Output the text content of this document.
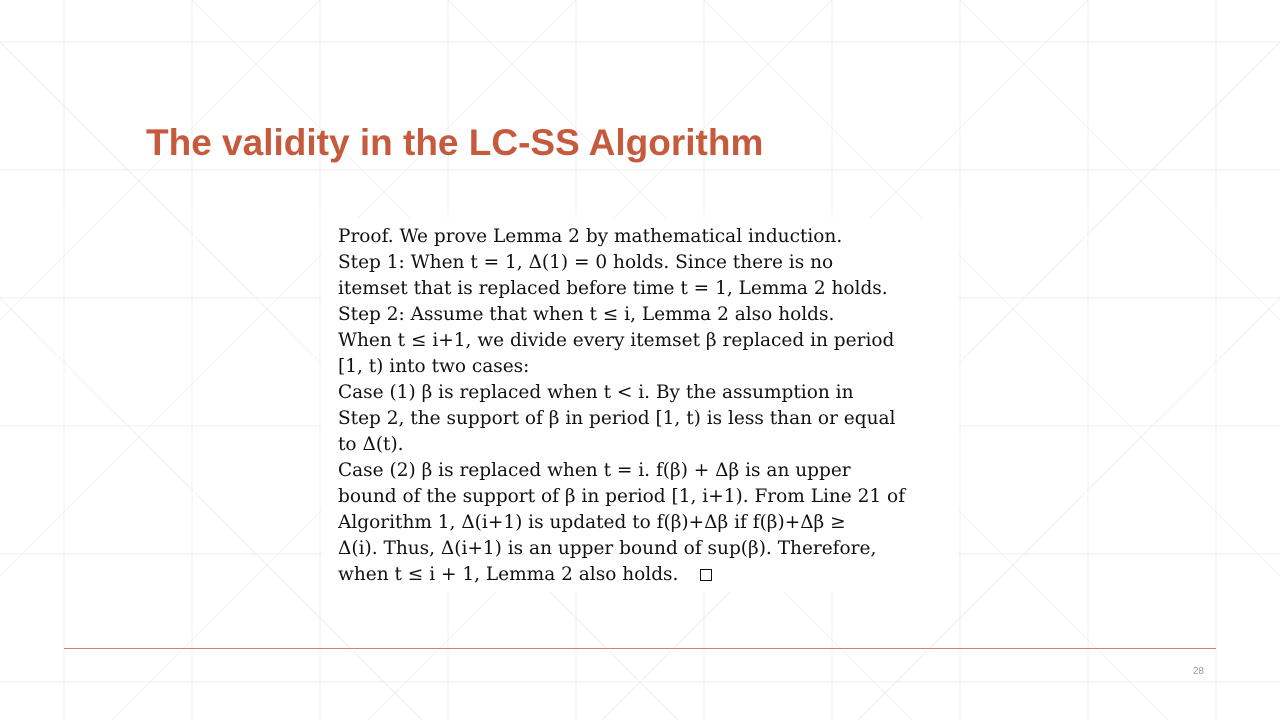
The validity in the LC-SS Algorithm
Proof. We prove Lemma 2 by mathematical induction.
Step 1: When t = 1, Δ(1) = 0 holds. Since there is no
itemset that is replaced before time t = 1, Lemma 2 holds.
Step 2: Assume that when t ≤ i, Lemma 2 also holds.
When t ≤ i+1, we divide every itemset β replaced in period
[1, t) into two cases:
Case (1) β is replaced when t < i. By the assumption in
Step 2, the support of β in period [1, t) is less than or equal
to Δ(t).
Case (2) β is replaced when t = i. f(β) + Δβ is an upper
bound of the support of β in period [1, i+1). From Line 21 of
Algorithm 1, Δ(i+1) is updated to f(β)+Δβ if f(β)+Δβ ≥
Δ(i). Thus, Δ(i+1) is an upper bound of sup(β). Therefore,
when t ≤ i + 1, Lemma 2 also holds.
28
